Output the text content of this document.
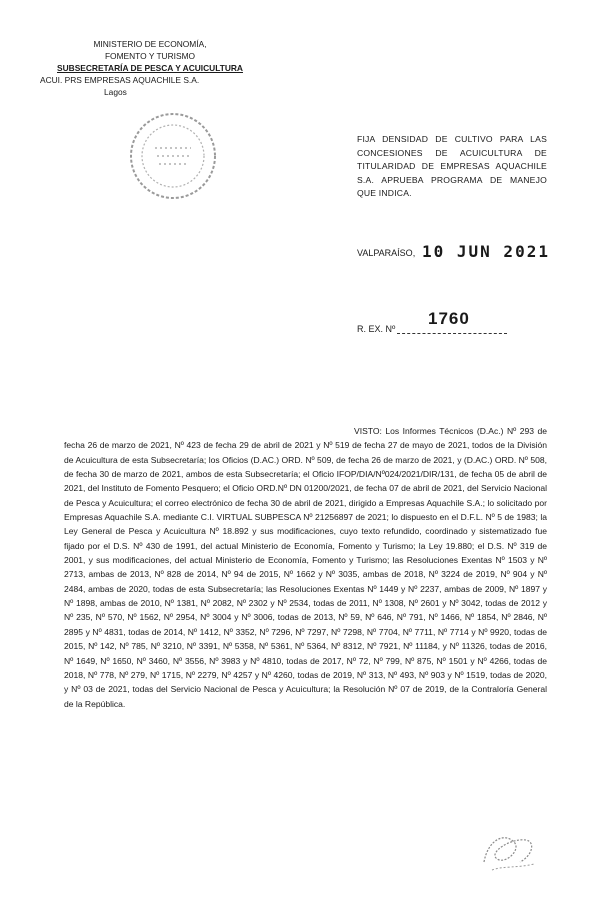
MINISTERIO DE ECONOMÍA,
FOMENTO Y TURISMO
SUBSECRETARÍA DE PESCA Y ACUICULTURA
ACUI. PRS EMPRESAS AQUACHILE S.A.
Lagos
FIJA DENSIDAD DE CULTIVO PARA LAS CONCESIONES DE ACUICULTURA DE TITULARIDAD DE EMPRESAS AQUACHILE S.A. APRUEBA PROGRAMA DE MANEJO QUE INDICA.
VALPARAÍSO, 10 JUN 2021
R. EX. Nº
1760
VISTO: Los Informes Técnicos (D.Ac.) Nº 293 de fecha 26 de marzo de 2021, Nº 423 de fecha 29 de abril de 2021 y Nº 519 de fecha 27 de mayo de 2021, todos de la División de Acuicultura de esta Subsecretaría; los Oficios (D.AC.) ORD. Nº 509, de fecha 26 de marzo de 2021, y (D.AC.) ORD. Nº 508, de fecha 30 de marzo de 2021, ambos de esta Subsecretaría; el Oficio IFOP/DIA/Nº024/2021/DIR/131, de fecha 05 de abril de 2021, del Instituto de Fomento Pesquero; el Oficio ORD.Nº DN 01200/2021, de fecha 07 de abril de 2021, del Servicio Nacional de Pesca y Acuicultura; el correo electrónico de fecha 30 de abril de 2021, dirigido a Empresas Aquachile S.A.; lo solicitado por Empresas Aquachile S.A. mediante C.I. VIRTUAL SUBPESCA Nº 21256897 de 2021; lo dispuesto en el D.F.L. Nº 5 de 1983; la Ley General de Pesca y Acuicultura Nº 18.892 y sus modificaciones, cuyo texto refundido, coordinado y sistematizado fue fijado por el D.S. Nº 430 de 1991, del actual Ministerio de Economía, Fomento y Turismo; la Ley 19.880; el D.S. Nº 319 de 2001, y sus modificaciones, del actual Ministerio de Economía, Fomento y Turismo; las Resoluciones Exentas Nº 1503 y Nº 2713, ambas de 2013, Nº 828 de 2014, Nº 94 de 2015, Nº 1662 y Nº 3035, ambas de 2018, Nº 3224 de 2019, Nº 904 y Nº 2484, ambas de 2020, todas de esta Subsecretaría; las Resoluciones Exentas Nº 1449 y Nº 2237, ambas de 2009, Nº 1897 y Nº 1898, ambas de 2010, Nº 1381, Nº 2082, Nº 2302 y Nº 2534, todas de 2011, Nº 1308, Nº 2601 y Nº 3042, todas de 2012 y Nº 235, Nº 570, Nº 1562, Nº 2954, Nº 3004 y Nº 3006, todas de 2013, Nº 59, Nº 646, Nº 791, Nº 1466, Nº 1854, Nº 2846, Nº 2895 y Nº 4831, todas de 2014, Nº 1412, Nº 3352, Nº 7296, Nº 7297, Nº 7298, Nº 7704, Nº 7711, Nº 7714 y Nº 9920, todas de 2015, Nº 142, Nº 785, Nº 3210, Nº 3391, Nº 5358, Nº 5361, Nº 5364, Nº 8312, Nº 7921, Nº 11184, y Nº 11326, todas de 2016, Nº 1649, Nº 1650, Nº 3460, Nº 3556, Nº 3983 y Nº 4810, todas de 2017, Nº 72, Nº 799, Nº 875, Nº 1501 y Nº 4266, todas de 2018, Nº 778, Nº 279, Nº 1715, Nº 2279, Nº 4257 y Nº 4260, todas de 2019, Nº 313, Nº 493, Nº 903 y Nº 1519, todas de 2020, y Nº 03 de 2021, todas del Servicio Nacional de Pesca y Acuicultura; la Resolución Nº 07 de 2019, de la Contraloría General de la República.
